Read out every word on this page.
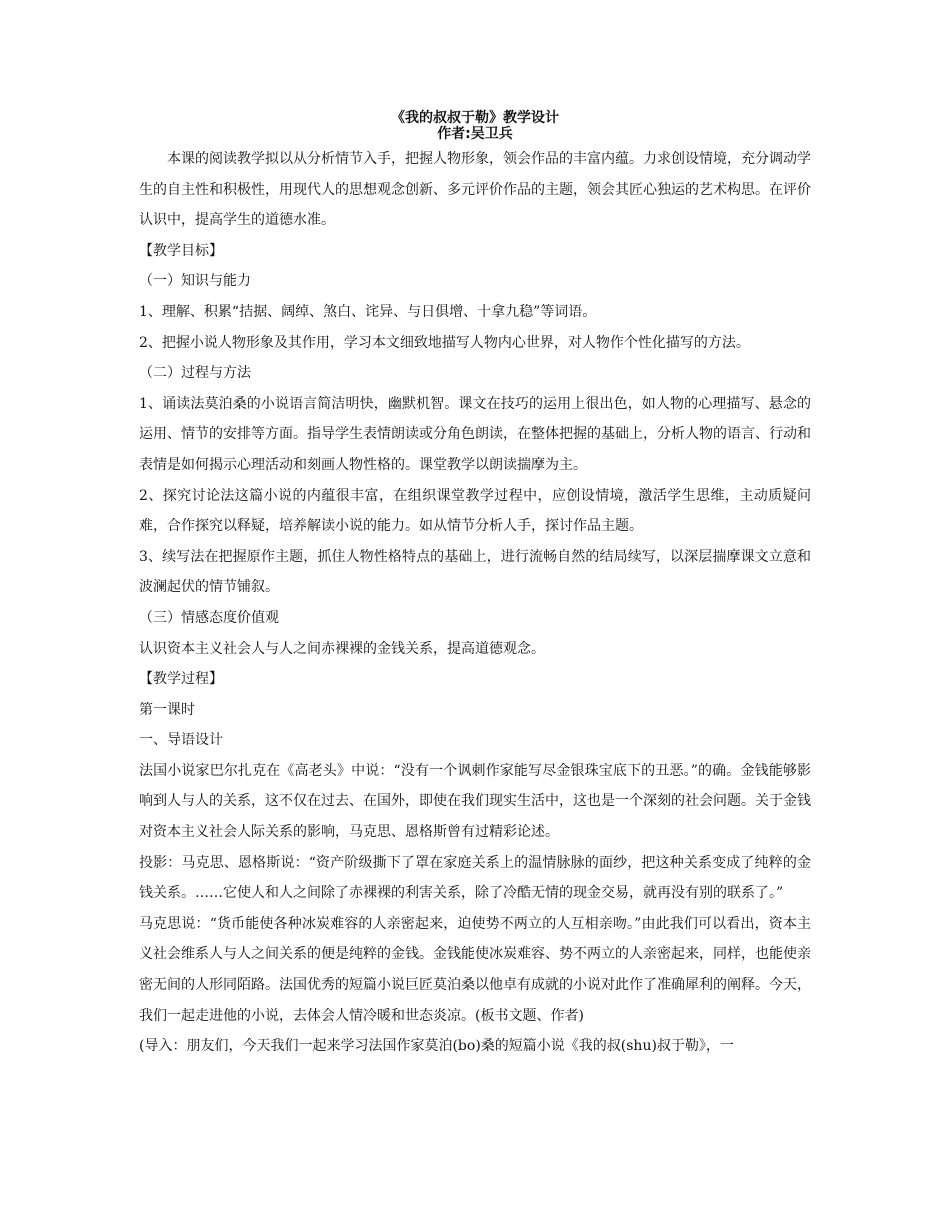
《我的叔叔于勒》教学设计
作者:吴卫兵

本课的阅读教学拟以从分析情节入手，把握人物形象，领会作品的丰富内蕴。力求创设情境，充分调动学生的自主性和积极性，用现代人的思想观念创新、多元评价作品的主题，领会其匠心独运的艺术构思。在评价认识中，提高学生的道德水准。

【教学目标】

（一）知识与能力

1、理解、积累“拮据、阔绰、煞白、诧异、与日俱增、十拿九稳”等词语。

2、把握小说人物形象及其作用，学习本文细致地描写人物内心世界，对人物作个性化描写的方法。

（二）过程与方法

1、诵读法莫泊桑的小说语言简洁明快，幽默机智。课文在技巧的运用上很出色，如人物的心理描写、悬念的运用、情节的安排等方面。指导学生表情朗读或分角色朗读，在整体把握的基础上，分析人物的语言、行动和表情是如何揭示心理活动和刻画人物性格的。课堂教学以朗读揣摩为主。

2、探究讨论法这篇小说的内蕴很丰富，在组织课堂教学过程中，应创设情境，激活学生思维，主动质疑问难，合作探究以释疑，培养解读小说的能力。如从情节分析人手，探讨作品主题。

3、续写法在把握原作主题，抓住人物性格特点的基础上，进行流畅自然的结局续写，以深层揣摩课文立意和波澜起伏的情节铺叙。

（三）情感态度价值观

认识资本主义社会人与人之间赤裸裸的金钱关系，提高道德观念。

【教学过程】

第一课时

一、导语设计

法国小说家巴尔扎克在《高老头》中说：“没有一个讽刺作家能写尽金银珠宝底下的丑恶。”的确。金钱能够影响到人与人的关系，这不仅在过去、在国外，即使在我们现实生活中，这也是一个深刻的社会问题。关于金钱对资本主义社会人际关系的影响，马克思、恩格斯曾有过精彩论述。

投影：马克思、恩格斯说：“资产阶级撕下了罩在家庭关系上的温情脉脉的面纱，把这种关系变成了纯粹的金钱关系。……它使人和人之间除了赤裸裸的利害关系，除了冷酷无情的现金交易，就再没有别的联系了。”

马克思说：“货币能使各种冰炭难容的人亲密起来，迫使势不两立的人互相亲吻。”由此我们可以看出，资本主义社会维系人与人之间关系的便是纯粹的金钱。金钱能使冰炭难容、势不两立的人亲密起来，同样，也能使亲密无间的人形同陌路。法国优秀的短篇小说巨匠莫泊桑以他卓有成就的小说对此作了准确犀利的阐释。今天，我们一起走进他的小说，去体会人情冷暖和世态炎凉。(板书文题、作者)

(导入：朋友们，今天我们一起来学习法国作家莫泊(bo)桑的短篇小说《我的叔(shu)叔于勒》，一
